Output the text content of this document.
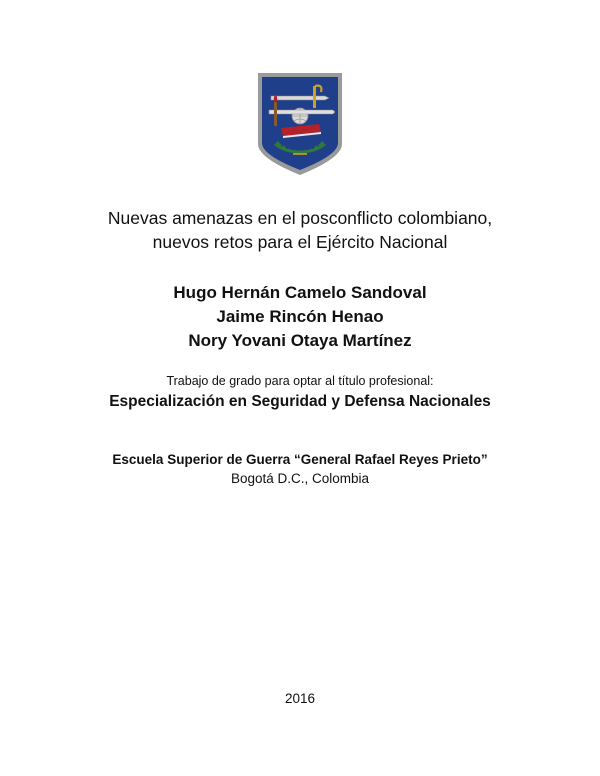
Nuevas amenazas en el posconflicto colombiano,
nuevos retos para el Ejército Nacional
Hugo Hernán Camelo Sandoval
Jaime Rincón Henao
Nory Yovani Otaya Martínez
Trabajo de grado para optar al título profesional:
Especialización en Seguridad y Defensa Nacionales
Escuela Superior de Guerra “General Rafael Reyes Prieto”
Bogotá D.C., Colombia
2016
